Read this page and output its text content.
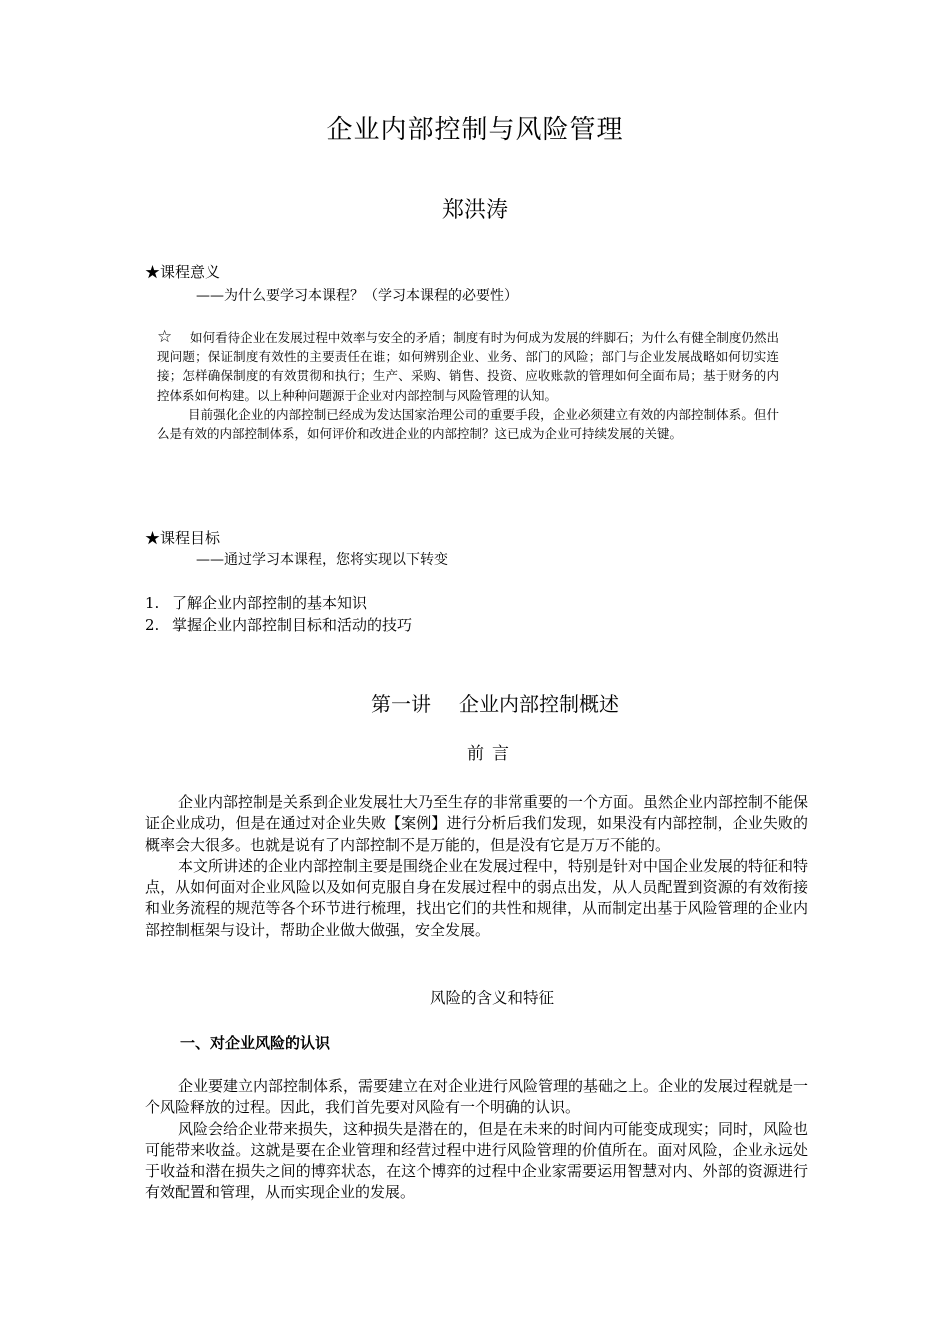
企业内部控制与风险管理
郑洪涛
★课程意义
——为什么要学习本课程？（学习本课程的必要性）

☆ 如何看待企业在发展过程中效率与安全的矛盾；制度有时为何成为发展的绊脚石；为什么有健全制度仍然出现问题；保证制度有效性的主要责任在谁；如何辨别企业、业务、部门的风险；部门与企业发展战略如何切实连接；怎样确保制度的有效贯彻和执行；生产、采购、销售、投资、应收账款的管理如何全面布局；基于财务的内控体系如何构建。以上种种问题源于企业对内部控制与风险管理的认知。

目前强化企业的内部控制已经成为发达国家治理公司的重要手段，企业必须建立有效的内部控制体系。但什么是有效的内部控制体系，如何评价和改进企业的内部控制？这已成为企业可持续发展的关键。

★课程目标
——通过学习本课程，您将实现以下转变
1. 了解企业内部控制的基本知识
2. 掌握企业内部控制目标和活动的技巧
第一讲 企业内部控制概述
前言

企业内部控制是关系到企业发展壮大乃至生存的非常重要的一个方面。虽然企业内部控制不能保证企业成功，但是在通过对企业失败【案例】进行分析后我们发现，如果没有内部控制，企业失败的概率会大很多。也就是说有了内部控制不是万能的，但是没有它是万万不能的。

本文所讲述的企业内部控制主要是围绕企业在发展过程中，特别是针对中国企业发展的特征和特点，从如何面对企业风险以及如何克服自身在发展过程中的弱点出发，从人员配置到资源的有效衔接和业务流程的规范等各个环节进行梳理，找出它们的共性和规律，从而制定出基于风险管理的企业内部控制框架与设计，帮助企业做大做强，安全发展。

风险的含义和特征
一、对企业风险的认识

企业要建立内部控制体系，需要建立在对企业进行风险管理的基础之上。企业的发展过程就是一个风险释放的过程。因此，我们首先要对风险有一个明确的认识。

风险会给企业带来损失，这种损失是潜在的，但是在未来的时间内可能变成现实；同时，风险也可能带来收益。这就是要在企业管理和经营过程中进行风险管理的价值所在。面对风险，企业永远处于收益和潜在损失之间的博弈状态，在这个博弈的过程中企业家需要运用智慧对内、外部的资源进行有效配置和管理，从而实现企业的发展。
